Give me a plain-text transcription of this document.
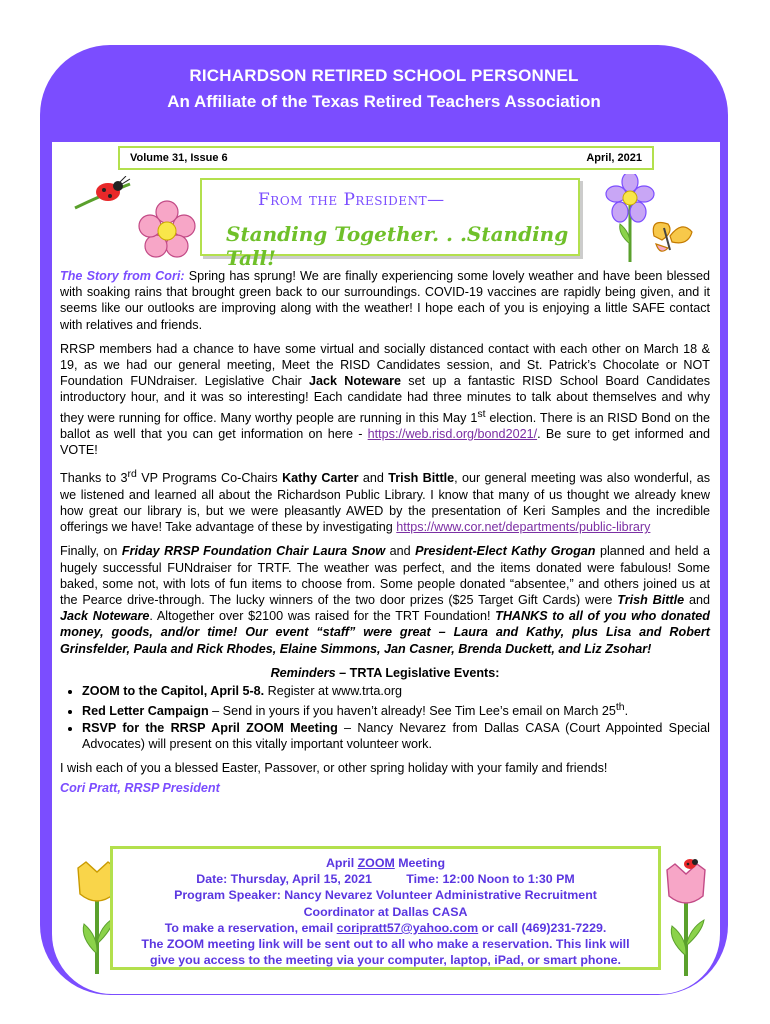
RICHARDSON RETIRED SCHOOL PERSONNEL
An Affiliate of the Texas Retired Teachers Association
Volume 31, Issue 6	April, 2021
From the President—
Standing Together. . .Standing Tall!

The Story from Cori: Spring has sprung! We are finally experiencing some lovely weather and have been blessed with soaking rains that brought green back to our surroundings. COVID-19 vaccines are rapidly being given, and it seems like our outlooks are improving along with the weather! I hope each of you is enjoying a little SAFE contact with relatives and friends.

RRSP members had a chance to have some virtual and socially distanced contact with each other on March 18 & 19, as we had our general meeting, Meet the RISD Candidates session, and St. Patrick’s Chocolate or NOT Foundation FUNdraiser. Legislative Chair Jack Noteware set up a fantastic RISD School Board Candidates introductory hour, and it was so interesting! Each candidate had three minutes to talk about themselves and why they were running for office. Many worthy people are running in this May 1st election. There is an RISD Bond on the ballot as well that you can get information on here - https://web.risd.org/bond2021/. Be sure to get informed and VOTE!

Thanks to 3rd VP Programs Co-Chairs Kathy Carter and Trish Bittle, our general meeting was also wonderful, as we listened and learned all about the Richardson Public Library. I know that many of us thought we already knew how great our library is, but we were pleasantly AWED by the presentation of Keri Samples and the incredible offerings we have! Take advantage of these by investigating https://www.cor.net/departments/public-library

Finally, on Friday RRSP Foundation Chair Laura Snow and President-Elect Kathy Grogan planned and held a hugely successful FUNdraiser for TRTF. The weather was perfect, and the items donated were fabulous! Some baked, some not, with lots of fun items to choose from. Some people donated “absentee,” and others joined us at the Pearce drive-through. The lucky winners of the two door prizes ($25 Target Gift Cards) were Trish Bittle and Jack Noteware. Altogether over $2100 was raised for the TRT Foundation! THANKS to all of you who donated money, goods, and/or time! Our event “staff” were great – Laura and Kathy, plus Lisa and Robert Grinsfelder, Paula and Rick Rhodes, Elaine Simmons, Jan Casner, Brenda Duckett, and Liz Zsohar!

Reminders – TRTA Legislative Events:
• ZOOM to the Capitol, April 5-8. Register at www.trta.org
• Red Letter Campaign – Send in yours if you haven’t already! See Tim Lee’s email on March 25th.
• RSVP for the RRSP April ZOOM Meeting – Nancy Nevarez from Dallas CASA (Court Appointed Special Advocates) will present on this vitally important volunteer work.

I wish each of you a blessed Easter, Passover, or other spring holiday with your family and friends!

Cori Pratt, RRSP President
April ZOOM Meeting
Date: Thursday, April 15, 2021          Time: 12:00 Noon to 1:30 PM
Program Speaker: Nancy Nevarez Volunteer Administrative Recruitment
Coordinator at Dallas CASA
To make a reservation, email coripratt57@yahoo.com or call (469)231-7229.
The ZOOM meeting link will be sent out to all who make a reservation. This link will
give you access to the meeting via your computer, laptop, iPad, or smart phone.
